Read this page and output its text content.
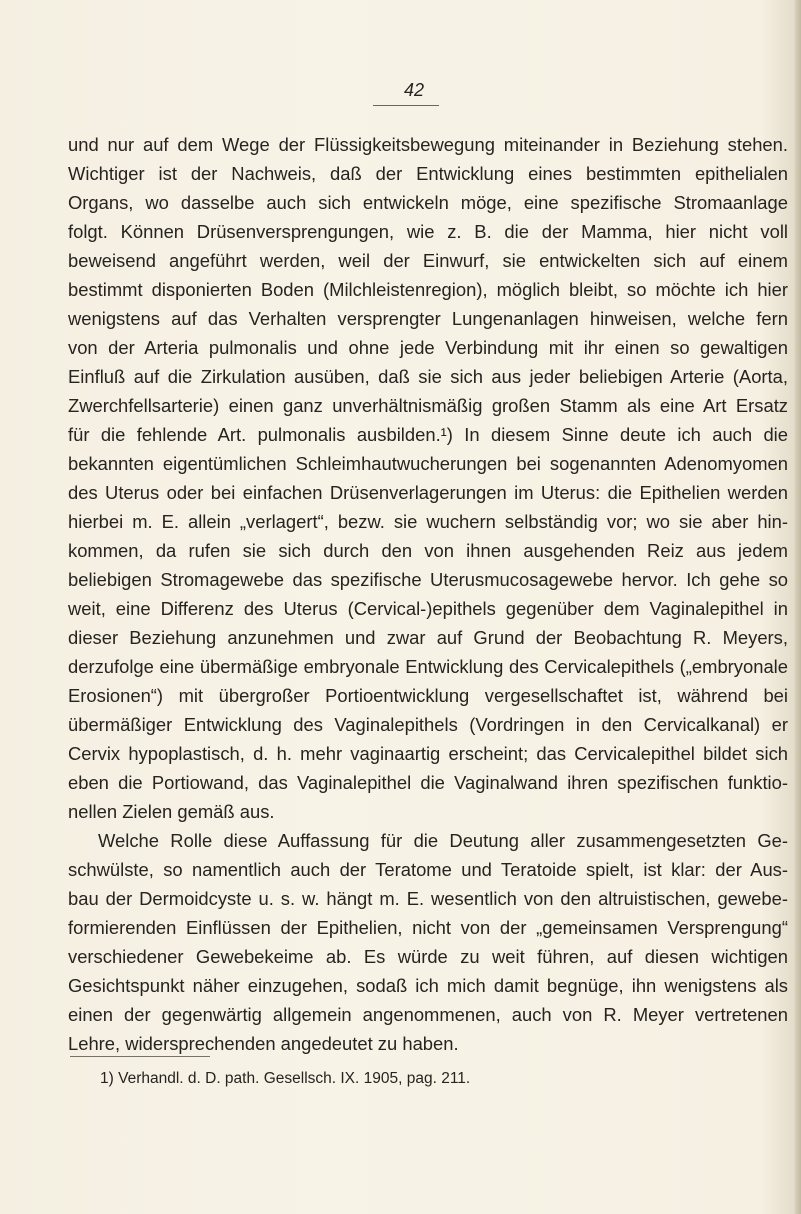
42
und nur auf dem Wege der Flüssigkeitsbewegung miteinander in Beziehung stehen.
Wichtiger ist der Nachweis, daß der Entwicklung eines bestimmten epithelialen
Organs, wo dasselbe auch sich entwickeln möge, eine spezifische Stromaanlage
folgt. Können Drüsenversprengungen, wie z. B. die der Mamma, hier nicht voll
beweisend angeführt werden, weil der Einwurf, sie entwickelten sich auf einem
bestimmt disponierten Boden (Milchleistenregion), möglich bleibt, so möchte ich hier
wenigstens auf das Verhalten versprengter Lungenanlagen hinweisen, welche fern
von der Arteria pulmonalis und ohne jede Verbindung mit ihr einen so gewaltigen
Einfluß auf die Zirkulation ausüben, daß sie sich aus jeder beliebigen Arterie (Aorta,
Zwerchfellsarterie) einen ganz unverhältnismäßig großen Stamm als eine Art Ersatz
für die fehlende Art. pulmonalis ausbilden.¹) In diesem Sinne deute ich auch die
bekannten eigentümlichen Schleimhautwucherungen bei sogenannten Adenomyomen
des Uterus oder bei einfachen Drüsenverlagerungen im Uterus: die Epithelien werden
hierbei m. E. allein „verlagert“, bezw. sie wuchern selbständig vor; wo sie aber hin-
kommen, da rufen sie sich durch den von ihnen ausgehenden Reiz aus jedem
beliebigen Stromagewebe das spezifische Uterusmucosagewebe hervor. Ich gehe so
weit, eine Differenz des Uterus (Cervical-)epithels gegenüber dem Vaginalepithel in
dieser Beziehung anzunehmen und zwar auf Grund der Beobachtung R. Meyers,
derzufolge eine übermäßige embryonale Entwicklung des Cervicalepithels („embryonale
Erosionen“) mit übergroßer Portioentwicklung vergesellschaftet ist, während bei
übermäßiger Entwicklung des Vaginalepithels (Vordringen in den Cervicalkanal) er
Cervix hypoplastisch, d. h. mehr vaginaartig erscheint; das Cervicalepithel bildet sich
eben die Portiowand, das Vaginalepithel die Vaginalwand ihren spezifischen funktio-
nellen Zielen gemäß aus.
Welche Rolle diese Auffassung für die Deutung aller zusammengesetzten Ge-
schwülste, so namentlich auch der Teratome und Teratoide spielt, ist klar: der Aus-
bau der Dermoidcyste u. s. w. hängt m. E. wesentlich von den altruistischen, gewebe-
formierenden Einflüssen der Epithelien, nicht von der „gemeinsamen Versprengung“
verschiedener Gewebekeime ab. Es würde zu weit führen, auf diesen wichtigen
Gesichtspunkt näher einzugehen, sodaß ich mich damit begnüge, ihn wenigstens als
einen der gegenwärtig allgemein angenommenen, auch von R. Meyer vertretenen
Lehre, widersprechenden angedeutet zu haben.
1) Verhandl. d. D. path. Gesellsch. IX. 1905, pag. 211.
